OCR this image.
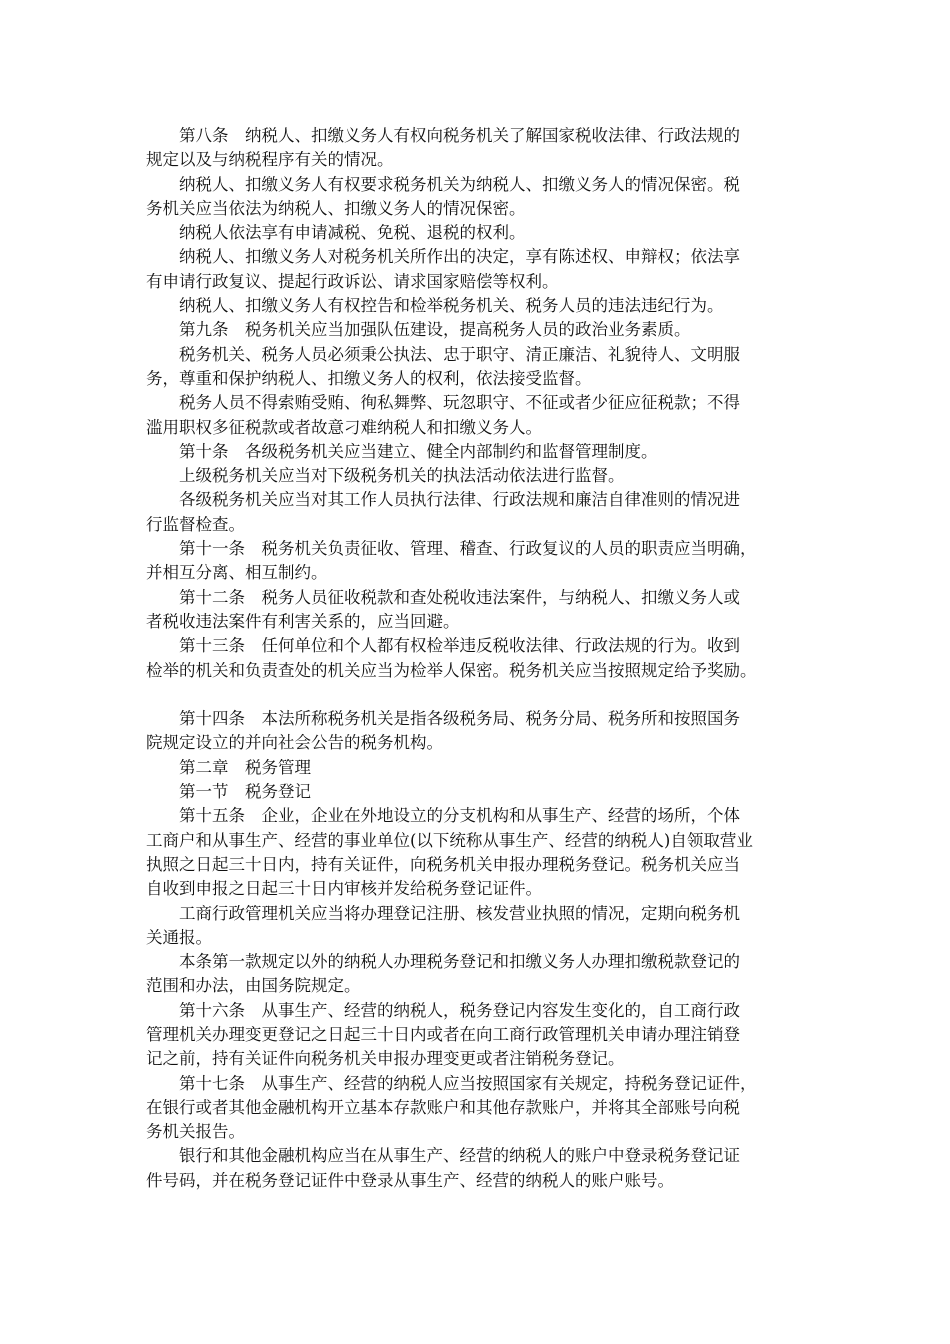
　　第八条　纳税人、扣缴义务人有权向税务机关了解国家税收法律、行政法规的
规定以及与纳税程序有关的情况。
　　纳税人、扣缴义务人有权要求税务机关为纳税人、扣缴义务人的情况保密。税
务机关应当依法为纳税人、扣缴义务人的情况保密。
　　纳税人依法享有申请减税、免税、退税的权利。
　　纳税人、扣缴义务人对税务机关所作出的决定，享有陈述权、申辩权；依法享
有申请行政复议、提起行政诉讼、请求国家赔偿等权利。
　　纳税人、扣缴义务人有权控告和检举税务机关、税务人员的违法违纪行为。
　　第九条　税务机关应当加强队伍建设，提高税务人员的政治业务素质。
　　税务机关、税务人员必须秉公执法、忠于职守、清正廉洁、礼貌待人、文明服
务，尊重和保护纳税人、扣缴义务人的权利，依法接受监督。
　　税务人员不得索贿受贿、徇私舞弊、玩忽职守、不征或者少征应征税款；不得
滥用职权多征税款或者故意刁难纳税人和扣缴义务人。
　　第十条　各级税务机关应当建立、健全内部制约和监督管理制度。
　　上级税务机关应当对下级税务机关的执法活动依法进行监督。
　　各级税务机关应当对其工作人员执行法律、行政法规和廉洁自律准则的情况进
行监督检查。
　　第十一条　税务机关负责征收、管理、稽查、行政复议的人员的职责应当明确，
并相互分离、相互制约。
　　第十二条　税务人员征收税款和查处税收违法案件，与纳税人、扣缴义务人或
者税收违法案件有利害关系的，应当回避。
　　第十三条　任何单位和个人都有权检举违反税收法律、行政法规的行为。收到
检举的机关和负责查处的机关应当为检举人保密。税务机关应当按照规定给予奖励。
　　第十四条　本法所称税务机关是指各级税务局、税务分局、税务所和按照国务
院规定设立的并向社会公告的税务机构。
　　第二章　税务管理
　　第一节　税务登记
　　第十五条　企业，企业在外地设立的分支机构和从事生产、经营的场所，个体
工商户和从事生产、经营的事业单位(以下统称从事生产、经营的纳税人)自领取营业
执照之日起三十日内，持有关证件，向税务机关申报办理税务登记。税务机关应当
自收到申报之日起三十日内审核并发给税务登记证件。
　　工商行政管理机关应当将办理登记注册、核发营业执照的情况，定期向税务机
关通报。
　　本条第一款规定以外的纳税人办理税务登记和扣缴义务人办理扣缴税款登记的
范围和办法，由国务院规定。
　　第十六条　从事生产、经营的纳税人，税务登记内容发生变化的，自工商行政
管理机关办理变更登记之日起三十日内或者在向工商行政管理机关申请办理注销登
记之前，持有关证件向税务机关申报办理变更或者注销税务登记。
　　第十七条　从事生产、经营的纳税人应当按照国家有关规定，持税务登记证件，
在银行或者其他金融机构开立基本存款账户和其他存款账户，并将其全部账号向税
务机关报告。
　　银行和其他金融机构应当在从事生产、经营的纳税人的账户中登录税务登记证
件号码，并在税务登记证件中登录从事生产、经营的纳税人的账户账号。
